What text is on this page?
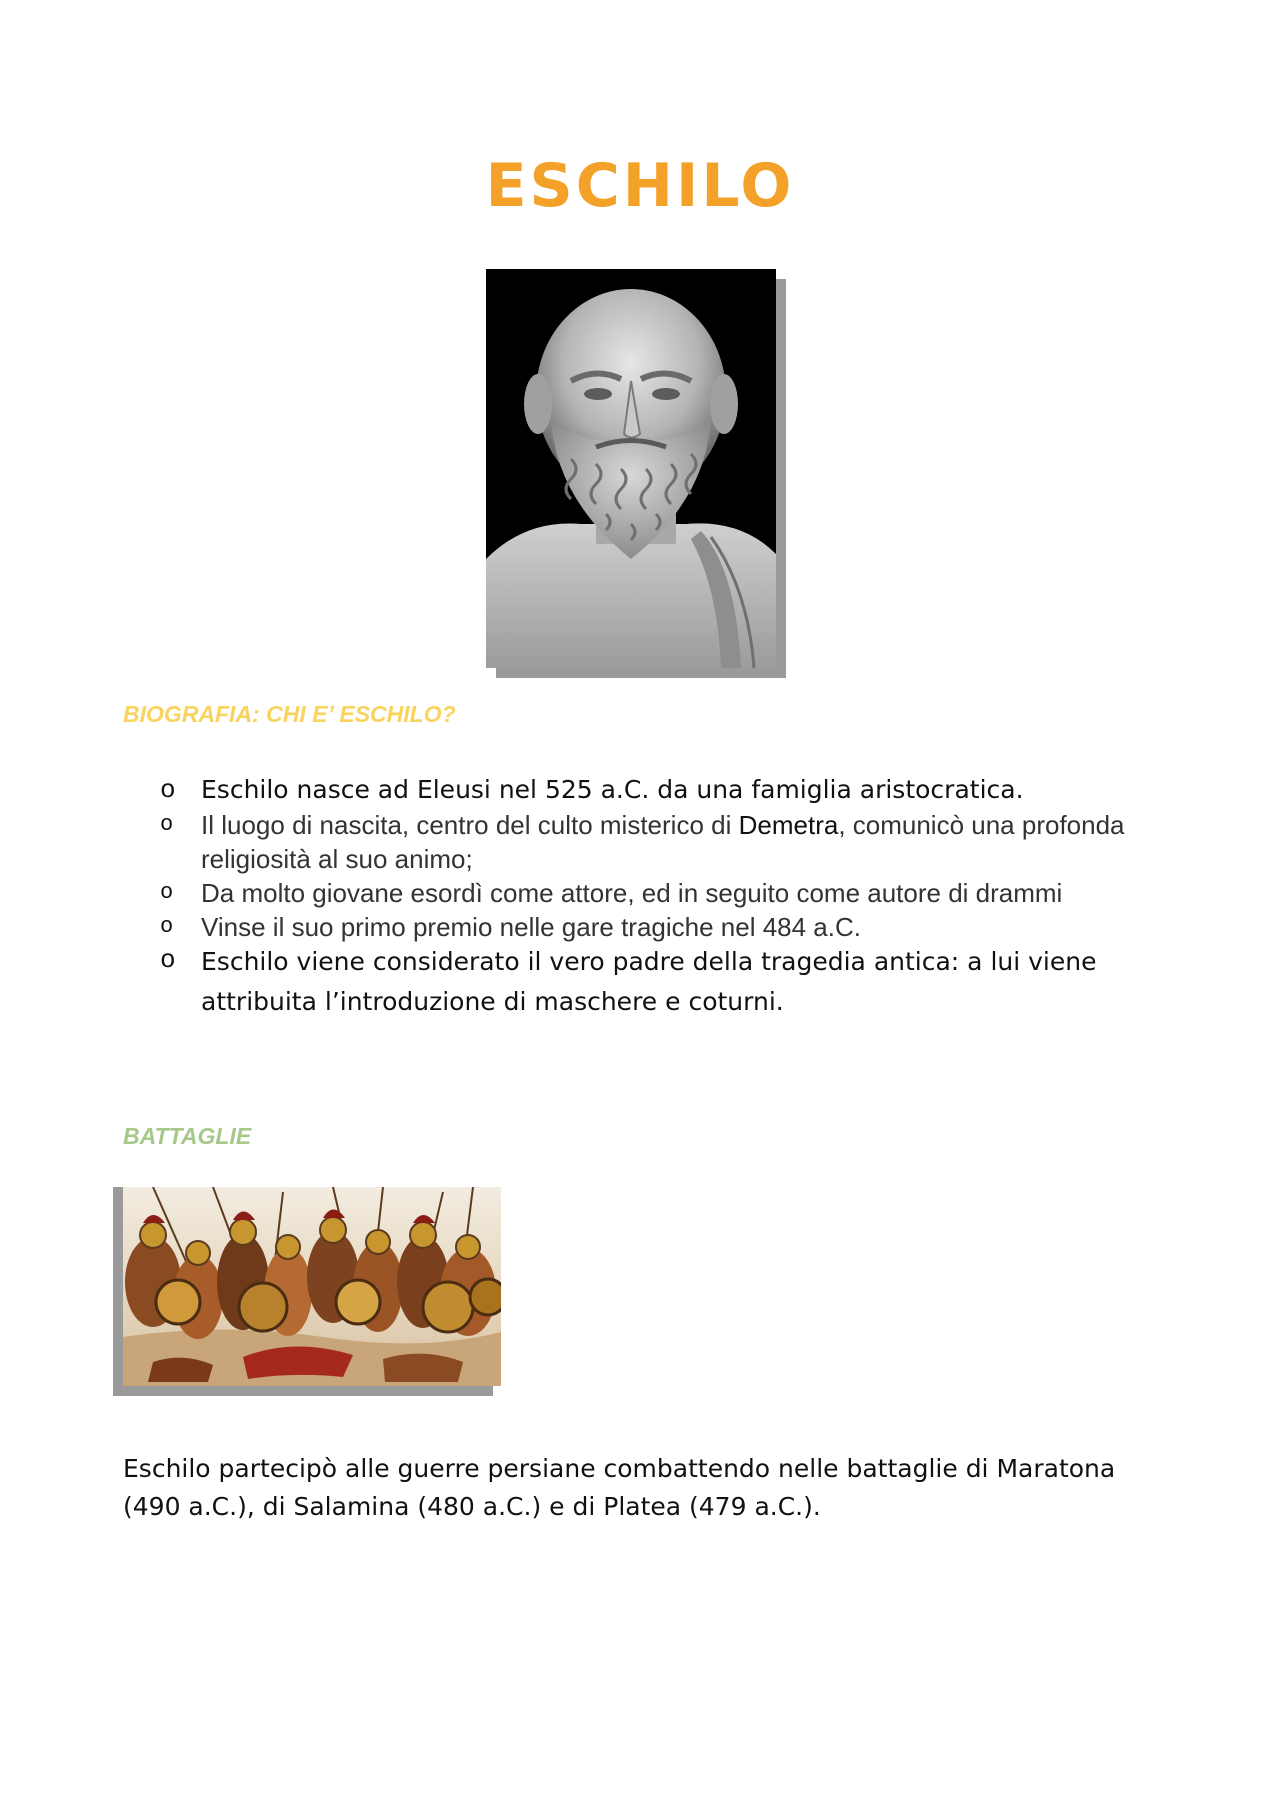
ESCHILO
BIOGRAFIA: CHI E’ ESCHILO?
o Eschilo nasce ad Eleusi nel 525 a.C. da una famiglia aristocratica.
o Il luogo di nascita, centro del culto misterico di Demetra, comunicò una profonda religiosità al suo animo;
o Da molto giovane esordì come attore, ed in seguito come autore di drammi
o Vinse il suo primo premio nelle gare tragiche nel 484 a.C.
o Eschilo viene considerato il vero padre della tragedia antica: a lui viene attribuita l’introduzione di maschere e coturni.
BATTAGLIE

Eschilo partecipò alle guerre persiane combattendo nelle battaglie di Maratona (490 a.C.), di Salamina (480 a.C.) e di Platea (479 a.C.).
